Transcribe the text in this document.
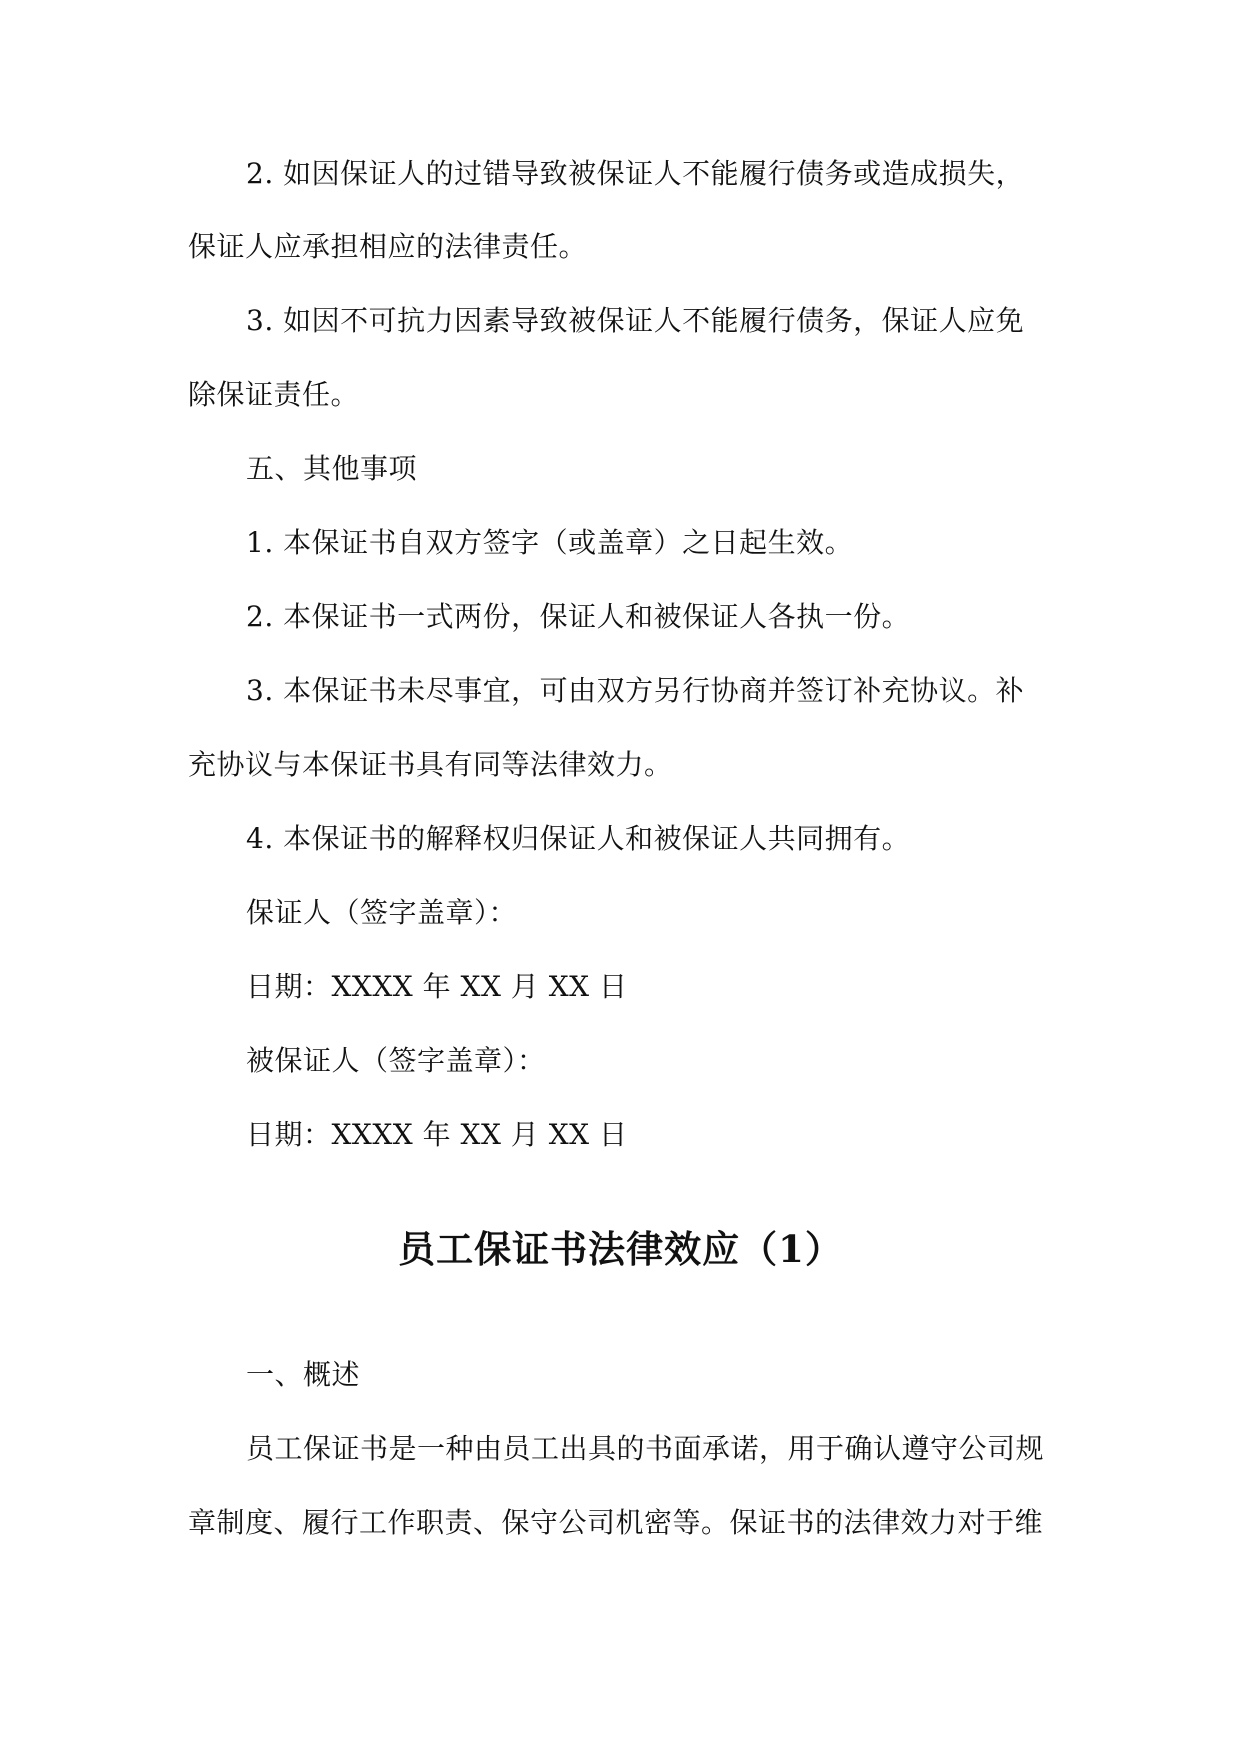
2. 如因保证人的过错导致被保证人不能履行债务或造成损失，
保证人应承担相应的法律责任。
3. 如因不可抗力因素导致被保证人不能履行债务，保证人应免
除保证责任。
五、其他事项
1. 本保证书自双方签字（或盖章）之日起生效。
2. 本保证书一式两份，保证人和被保证人各执一份。
3. 本保证书未尽事宜，可由双方另行协商并签订补充协议。补
充协议与本保证书具有同等法律效力。
4. 本保证书的解释权归保证人和被保证人共同拥有。
保证人（签字盖章）：
日期：XXXX 年 XX 月 XX 日
被保证人（签字盖章）：
日期：XXXX 年 XX 月 XX 日
员工保证书法律效应（1）
一、概述
员工保证书是一种由员工出具的书面承诺，用于确认遵守公司规
章制度、履行工作职责、保守公司机密等。保证书的法律效力对于维
